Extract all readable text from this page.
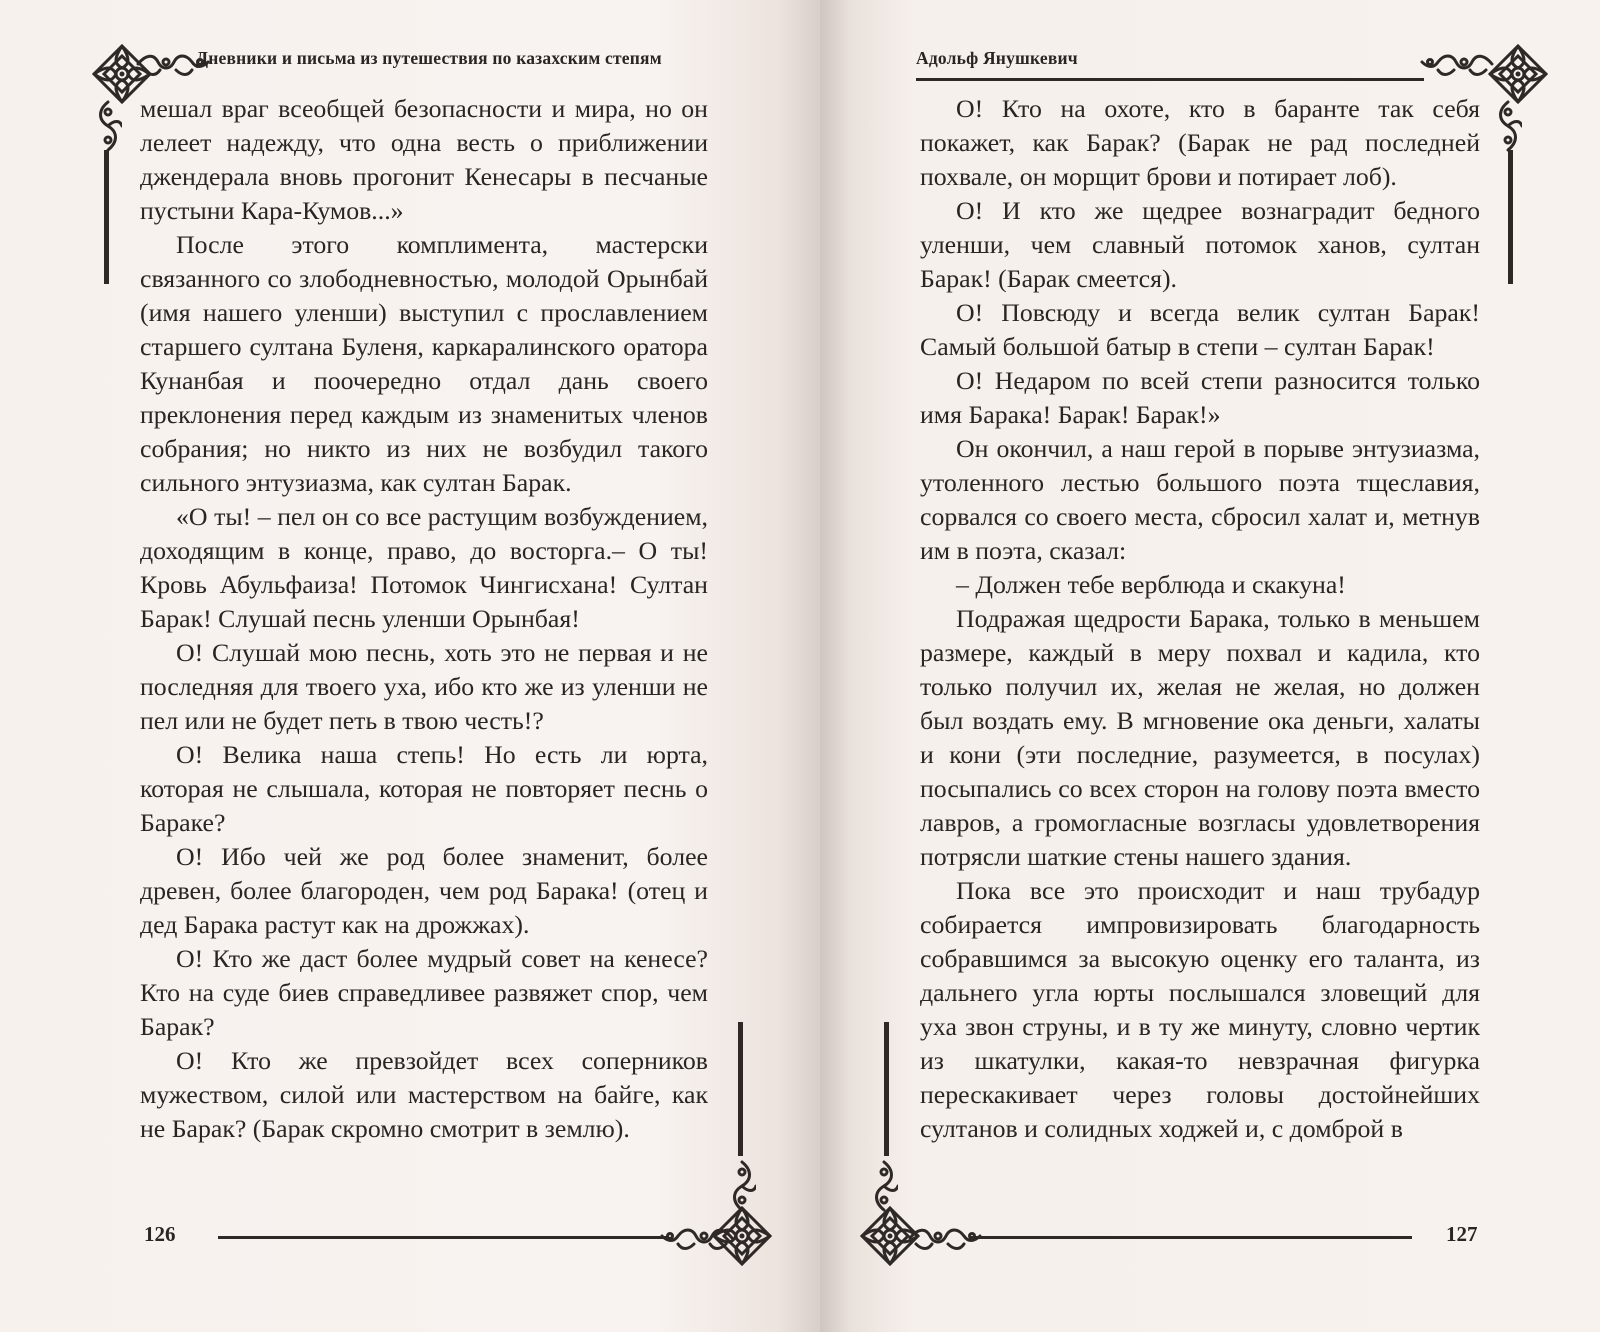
Дневники и письма из путешествия по казахским степям

мешал враг всеобщей безопасности и мира, но он лелеет надежду, что одна весть о приближении джендерала вновь прогонит Кенесары в песчаные пустыни Кара-Кумов...»

После этого комплимента, мастерски связанного со злободневностью, молодой Орынбай (имя нашего уленши) выступил с прославлением старшего султана Буленя, каркаралинского оратора Кунанбая и поочередно отдал дань своего преклонения перед каждым из знаменитых членов собрания; но никто из них не возбудил такого сильного энтузиазма, как султан Барак.

«О ты! – пел он со все растущим возбуждением, доходящим в конце, право, до восторга.– О ты! Кровь Абульфаиза! Потомок Чингисхана! Султан Барак! Слушай песнь уленши Орынбая!

О! Слушай мою песнь, хоть это не первая и не последняя для твоего уха, ибо кто же из уленши не пел или не будет петь в твою честь!?

О! Велика наша степь! Но есть ли юрта, которая не слышала, которая не повторяет песнь о Бараке?

О! Ибо чей же род более знаменит, более древен, более благороден, чем род Барака! (отец и дед Барака растут как на дрожжах).

О! Кто же даст более мудрый совет на кенесе? Кто на суде биев справедливее развяжет спор, чем Барак?

О! Кто же превзойдет всех соперников мужеством, силой или мастерством на байге, как не Барак? (Барак скромно смотрит в землю).

126
Адольф Янушкевич

О! Кто на охоте, кто в баранте так себя покажет, как Барак? (Барак не рад последней похвале, он морщит брови и потирает лоб).

О! И кто же щедрее вознаградит бедного уленши, чем славный потомок ханов, султан Барак! (Барак смеется).

О! Повсюду и всегда велик султан Барак! Самый большой батыр в степи – султан Барак!

О! Недаром по всей степи разносится только имя Барака! Барак! Барак!»

Он окончил, а наш герой в порыве энтузиазма, утоленного лестью большого поэта тщеславия, сорвался со своего места, сбросил халат и, метнув им в поэта, сказал:

– Должен тебе верблюда и скакуна!

Подражая щедрости Барака, только в меньшем размере, каждый в меру похвал и кадила, кто только получил их, желая не желая, но должен был воздать ему. В мгновение ока деньги, халаты и кони (эти последние, разумеется, в посулах) посыпались со всех сторон на голову поэта вместо лавров, а громогласные возгласы удовлетворения потрясли шаткие стены нашего здания.

Пока все это происходит и наш трубадур собирается импровизировать благодарность собравшимся за высокую оценку его таланта, из дальнего угла юрты послышался зловещий для уха звон струны, и в ту же минуту, словно чертик из шкатулки, какая-то невзрачная фигурка перескакивает через головы достойнейших султанов и солидных ходжей и, с домброй в

127
